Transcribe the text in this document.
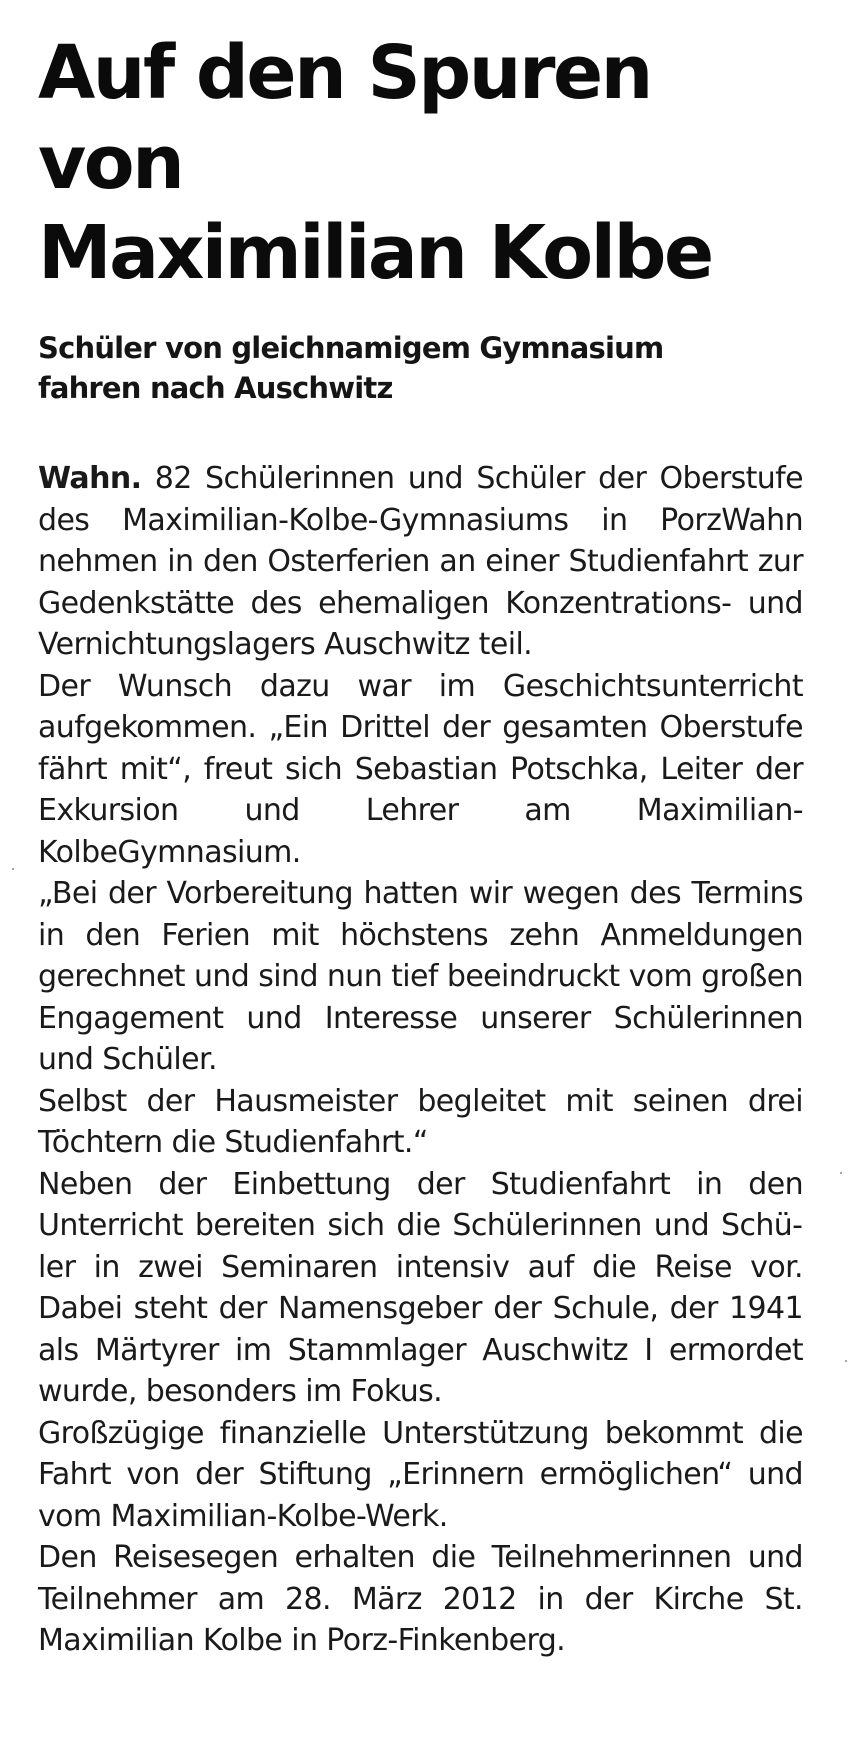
Auf den Spuren von
Maximilian Kolbe
Schüler von gleichnamigem Gymnasium
fahren nach Auschwitz

Wahn. 82 Schülerinnen und Schüler der Oberstufe des Maximilian-Kolbe-Gymnasiums in PorzWahn nehmen in den Osterferien an einer Studienfahrt zur Gedenkstätte des ehemaligen Konzentrations- und Vernichtungslagers Auschwitz teil.

Der Wunsch dazu war im Geschichtsunterricht aufgekommen. „Ein Drittel der gesamten Oberstufe fährt mit“, freut sich Sebastian Potschka, Leiter der Exkursion und Lehrer am Maximilian-KolbeGymnasium.

„Bei der Vorbereitung hatten wir wegen des Termins in den Ferien mit höchstens zehn Anmeldungen gerechnet und sind nun tief beeindruckt vom großen Engagement und Interesse unserer Schülerinnen und Schüler.

Selbst der Hausmeister begleitet mit seinen drei Töchtern die Studienfahrt.“

Neben der Einbettung der Studienfahrt in den Unterricht bereiten sich die Schülerinnen und Schüler in zwei Seminaren intensiv auf die Reise vor. Dabei steht der Namensgeber der Schule, der 1941 als Märtyrer im Stammlager Auschwitz I ermordet wurde, besonders im Fokus.

Großzügige finanzielle Unterstützung bekommt die Fahrt von der Stiftung „Erinnern ermöglichen“ und vom Maximilian-Kolbe-Werk.

Den Reisesegen erhalten die Teilnehmerinnen und Teilnehmer am 28. März 2012 in der Kirche St. Maximilian Kolbe in Porz-Finkenberg.
